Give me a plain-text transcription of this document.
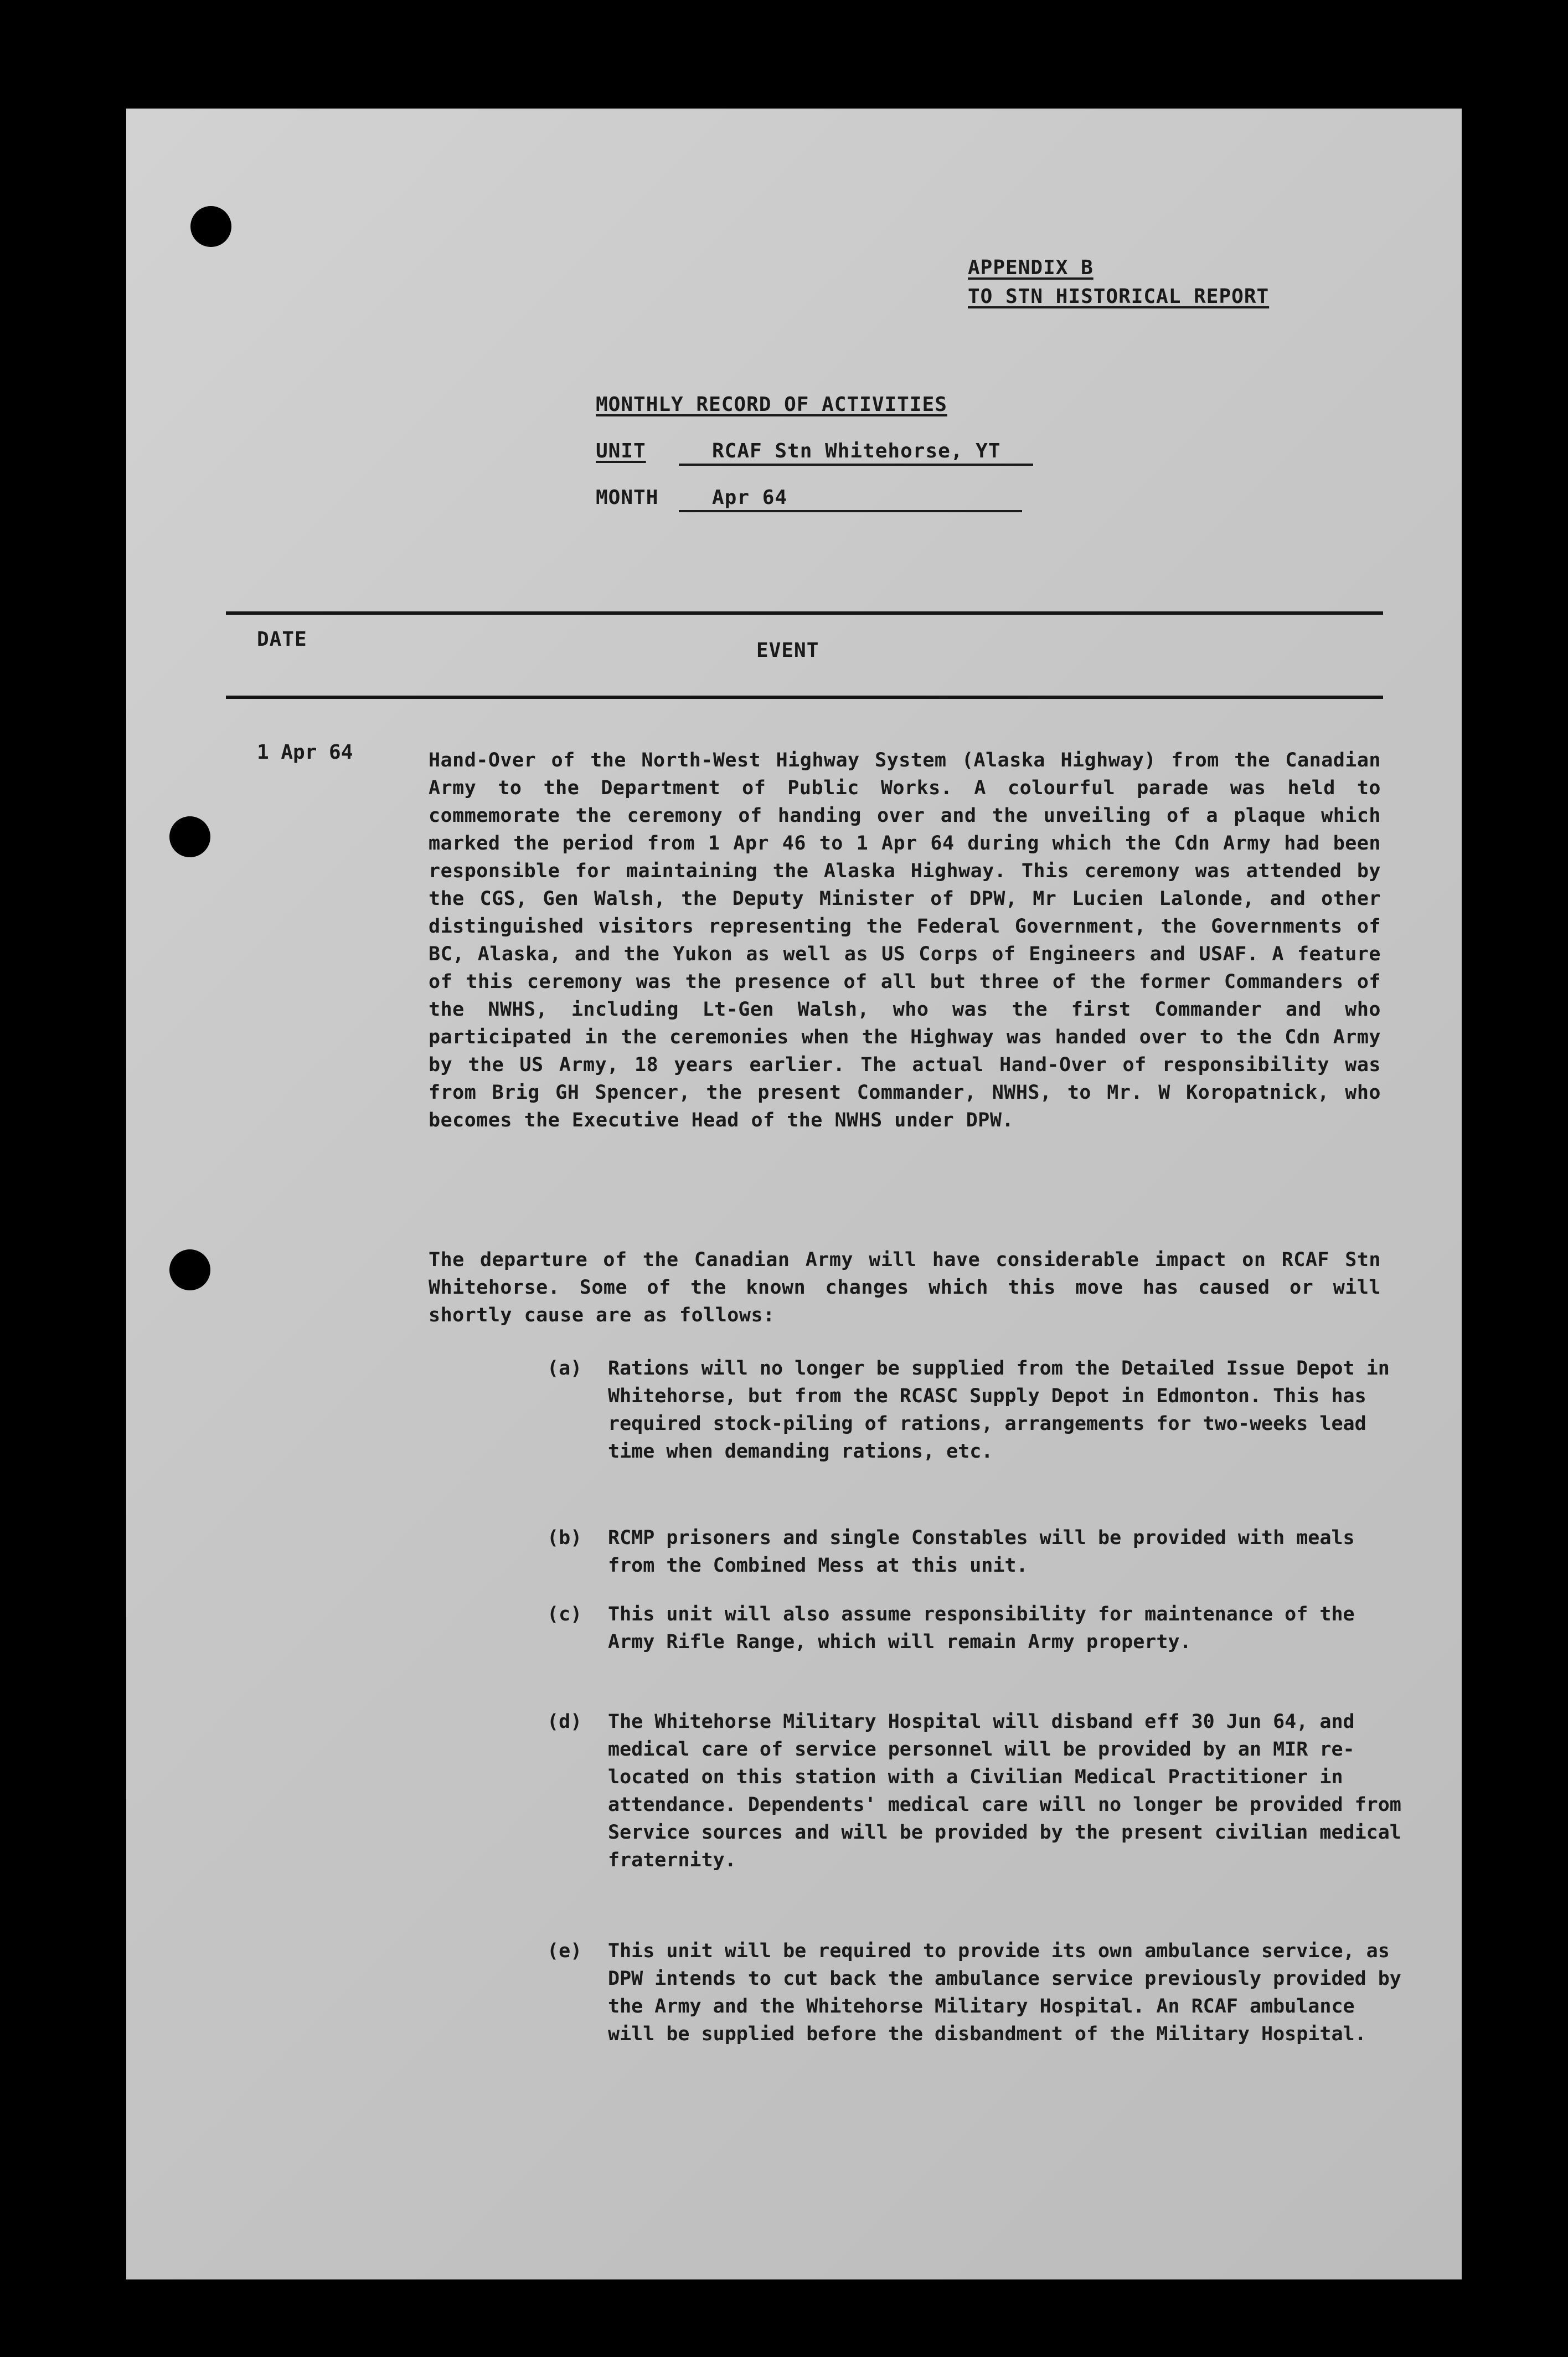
APPENDIX B
TO STN HISTORICAL REPORT
MONTHLY RECORD OF ACTIVITIES
UNIT	RCAF Stn Whitehorse, YT
MONTH	Apr 64
DATE	EVENT
1 Apr 64	Hand-Over of the North-West Highway System (Alaska Highway) from the Canadian Army to the Department of Public Works. A colourful parade was held to commemorate the ceremony of handing over and the unveiling of a plaque which marked the period from 1 Apr 46 to 1 Apr 64 during which the Cdn Army had been responsible for maintaining the Alaska Highway. This ceremony was attended by the CGS, Gen Walsh, the Deputy Minister of DPW, Mr Lucien Lalonde, and other distinguished visitors representing the Federal Government, the Governments of BC, Alaska, and the Yukon as well as US Corps of Engineers and USAF. A feature of this ceremony was the presence of all but three of the former Commanders of the NWHS, including Lt-Gen Walsh, who was the first Commander and who participated in the ceremonies when the Highway was handed over to the Cdn Army by the US Army, 18 years earlier. The actual Hand-Over of responsibility was from Brig GH Spencer, the present Commander, NWHS, to Mr. W Koropatnick, who becomes the Executive Head of the NWHS under DPW.
The departure of the Canadian Army will have considerable impact on RCAF Stn Whitehorse. Some of the known changes which this move has caused or will shortly cause are as follows:
(a)	Rations will no longer be supplied from the Detailed Issue Depot in Whitehorse, but from the RCASC Supply Depot in Edmonton. This has required stock-piling of rations, arrangements for two-weeks lead time when demanding rations, etc.
(b)	RCMP prisoners and single Constables will be provided with meals from the Combined Mess at this unit.
(c)	This unit will also assume responsibility for maintenance of the Army Rifle Range, which will remain Army property.
(d)	The Whitehorse Military Hospital will disband eff 30 Jun 64, and medical care of service personnel will be provided by an MIR re-located on this station with a Civilian Medical Practitioner in attendance. Dependents' medical care will no longer be provided from Service sources and will be provided by the present civilian medical fraternity.
(e)	This unit will be required to provide its own ambulance service, as DPW intends to cut back the ambulance service previously provided by the Army and the Whitehorse Military Hospital. An RCAF ambulance will be supplied before the disbandment of the Military Hospital.
